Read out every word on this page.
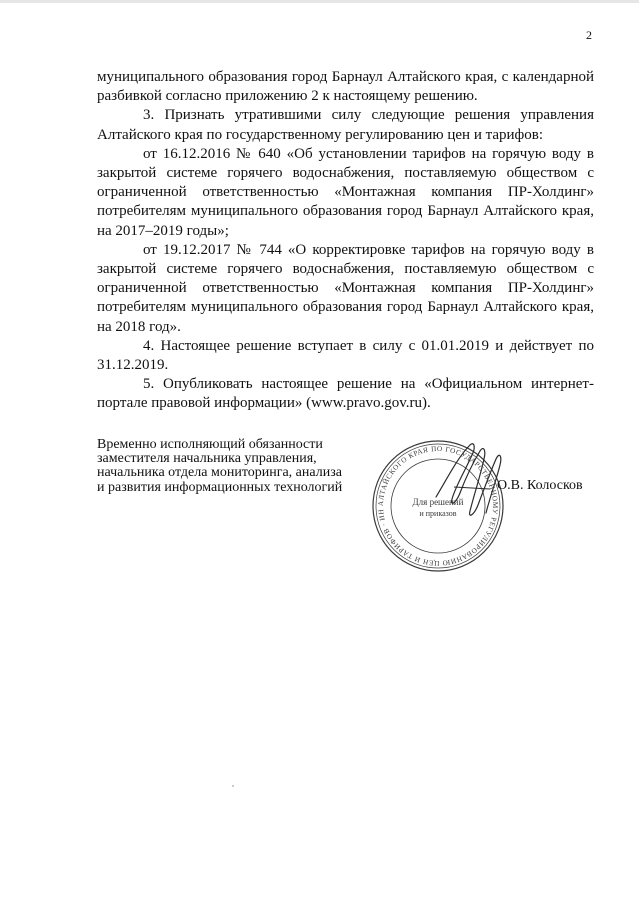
2

муниципального образования город Барнаул Алтайского края, с календарной разбивкой согласно приложению 2 к настоящему решению.

3. Признать утратившими силу следующие решения управления Алтайского края по государственному регулированию цен и тарифов:

от 16.12.2016 № 640 «Об установлении тарифов на горячую воду в закрытой системе горячего водоснабжения, поставляемую обществом с ограниченной ответственностью «Монтажная компания ПР-Холдинг» потребителям муниципального образования город Барнаул Алтайского края, на 2017–2019 годы»;

от 19.12.2017 № 744 «О корректировке тарифов на горячую воду в закрытой системе горячего водоснабжения, поставляемую обществом с ограниченной ответственностью «Монтажная компания ПР-Холдинг» потребителям муниципального образования город Барнаул Алтайского края, на 2018 год».

4. Настоящее решение вступает в силу с 01.01.2019 и действует по 31.12.2019.

5. Опубликовать настоящее решение на «Официальном интернет-портале правовой информации» (www.pravo.gov.ru).

Временно исполняющий обязанности
заместителя начальника управления,
начальника отдела мониторинга, анализа
и развития информационных технологий
АЛТАЙСКОГО КРАЯ ПО ГОСУДАРСТВЕННОМУ РЕГУЛИРОВАНИЮ ЦЕН И ТАРИФОВ · ИН
Для решений
и приказов
О.В. Колосков
